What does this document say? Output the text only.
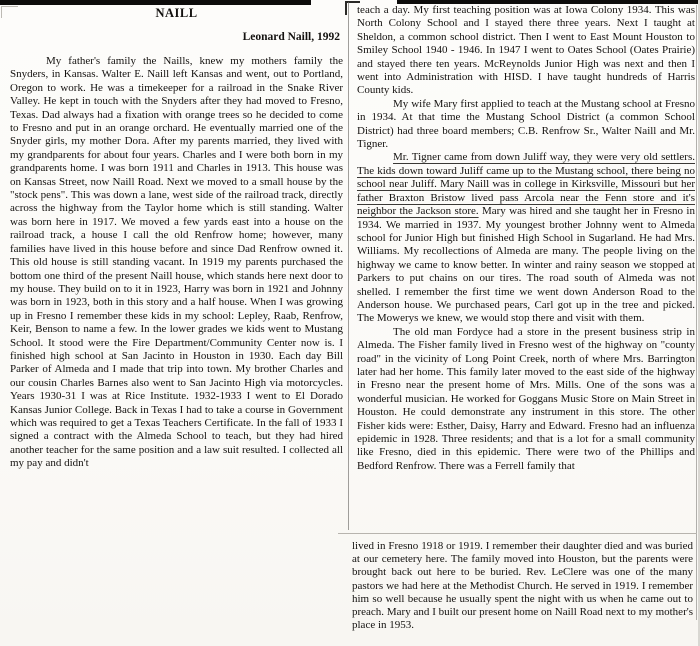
NAILL
Leonard Naill, 1992

My father's family the Naills, knew my mothers family the Snyders, in Kansas. Walter E. Naill left Kansas and went, out to Portland, Oregon to work. He was a timekeeper for a railroad in the Snake River Valley. He kept in touch with the Snyders after they had moved to Fresno, Texas. Dad always had a fixation with orange trees so he decided to come to Fresno and put in an orange orchard. He eventually married one of the Snyder girls, my mother Dora. After my parents married, they lived with my grandparents for about four years. Charles and I were both born in my grandparents home. I was born 1911 and Charles in 1913. This house was on Kansas Street, now Naill Road. Next we moved to a small house by the "stock pens". This was down a lane, west side of the railroad track, directly across the highway from the Taylor home which is still standing. Walter was born here in 1917. We moved a few yards east into a house on the railroad track, a house I call the old Renfrow home; however, many families have lived in this house before and since Dad Renfrow owned it. This old house is still standing vacant. In 1919 my parents purchased the bottom one third of the present Naill house, which stands here next door to my house. They build on to it in 1923, Harry was born in 1921 and Johnny was born in 1923, both in this story and a half house. When I was growing up in Fresno I remember these kids in my school: Lepley, Raab, Renfrow, Keir, Benson to name a few. In the lower grades we kids went to Mustang School. It stood were the Fire Department/Community Center now is. I finished high school at San Jacinto in Houston in 1930. Each day Bill Parker of Almeda and I made that trip into town. My brother Charles and our cousin Charles Barnes also went to San Jacinto High via motorcycles. Years 1930-31 I was at Rice Institute. 1932-1933 I went to El Dorado Kansas Junior College. Back in Texas I had to take a course in Government which was required to get a Texas Teachers Certificate. In the fall of 1933 I signed a contract with the Almeda School to teach, but they had hired another teacher for the same position and a law suit resulted. I collected all my pay and didn't

teach a day. My first teaching position was at Iowa Colony 1934. This was North Colony School and I stayed there three years. Next I taught at Sheldon, a common school district. Then I went to East Mount Houston to Smiley School 1940 - 1946. In 1947 I went to Oates School (Oates Prairie) and stayed there ten years. McReynolds Junior High was next and then I went into Administration with HISD. I have taught hundreds of Harris County kids.

My wife Mary first applied to teach at the Mustang school at Fresno in 1934. At that time the Mustang School District (a common School District) had three board members; C.B. Renfrow Sr., Walter Naill and Mr. Tigner.

Mr. Tigner came from down Juliff way, they were very old settlers. The kids down toward Juliff came up to the Mustang school, there being no school near Juliff. Mary Naill was in college in Kirksville, Missouri but her father Braxton Bristow lived pass Arcola near the Fenn store and it's neighbor the Jackson store. Mary was hired and she taught her in Fresno in 1934. We married in 1937. My youngest brother Johnny went to Almeda school for Junior High but finished High School in Sugarland. He had Mrs. Williams. My recollections of Almeda are many. The people living on the highway we came to know better. In winter and rainy season we stopped at Parkers to put chains on our tires. The road south of Almeda was not shelled. I remember the first time we went down Anderson Road to the Anderson house. We purchased pears, Carl got up in the tree and picked. The Mowerys we knew, we would stop there and visit with them.

The old man Fordyce had a store in the present business strip in Almeda. The Fisher family lived in Fresno west of the highway on "county road" in the vicinity of Long Point Creek, north of where Mrs. Barrington later had her home. This family later moved to the east side of the highway in Fresno near the present home of Mrs. Mills. One of the sons was a wonderful musician. He worked for Goggans Music Store on Main Street in Houston. He could demonstrate any instrument in this store. The other Fisher kids were: Esther, Daisy, Harry and Edward. Fresno had an influenza epidemic in 1928. Three residents; and that is a lot for a small community like Fresno, died in this epidemic. There were two of the Phillips and Bedford Renfrow. There was a Ferrell family that

lived in Fresno 1918 or 1919. I remember their daughter died and was buried at our cemetery here. The family moved into Houston, but the parents were brought back out here to be buried. Rev. LeClere was one of the many pastors we had here at the Methodist Church. He served in 1919. I remember him so well because he usually spent the night with us when he came out to preach. Mary and I built our present home on Naill Road next to my mother's place in 1953.
